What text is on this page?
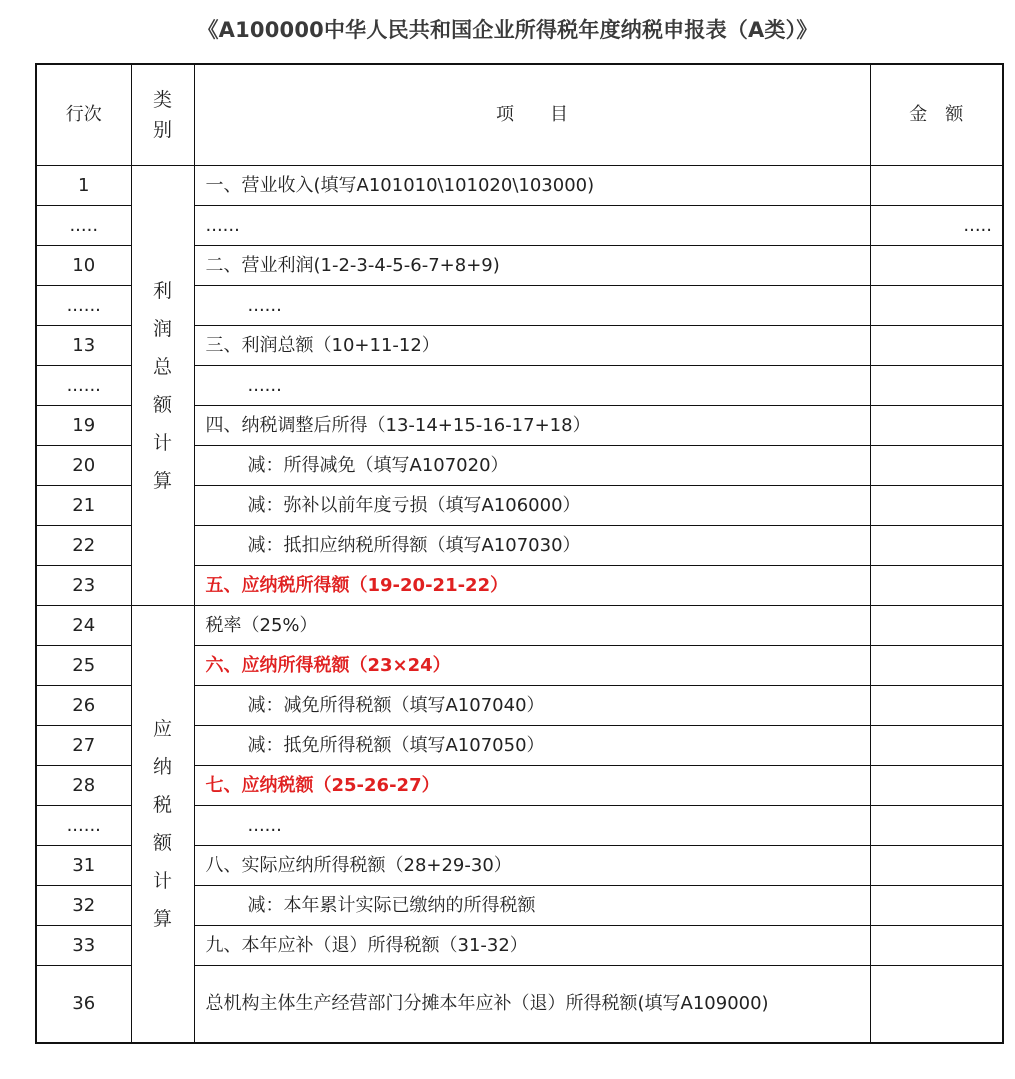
《A100000中华人民共和国企业所得税年度纳税申报表（A类）》
行次	类别	项　　目	金　额
1	利润总额计算	一、营业收入(填写A101010\101020\103000)	
.....		......	.....
10		二、营业利润(1-2-3-4-5-6-7+8+9)	
......		......	
13		三、利润总额（10+11-12）	
......		......	
19		四、纳税调整后所得（13-14+15-16-17+18）	
20		减：所得减免（填写A107020）	
21		减：弥补以前年度亏损（填写A106000）	
22		减：抵扣应纳税所得额（填写A107030）	
23		五、应纳税所得额（19-20-21-22）	
24	应纳税额计算	税率（25%）	
25		六、应纳所得税额（23×24）	
26		减：减免所得税额（填写A107040）	
27		减：抵免所得税额（填写A107050）	
28		七、应纳税额（25-26-27）	
......		......	
31		八、实际应纳所得税额（28+29-30）	
32		减：本年累计实际已缴纳的所得税额	
33		九、本年应补（退）所得税额（31-32）	
36		总机构主体生产经营部门分摊本年应补（退）所得税额(填写A109000)	
